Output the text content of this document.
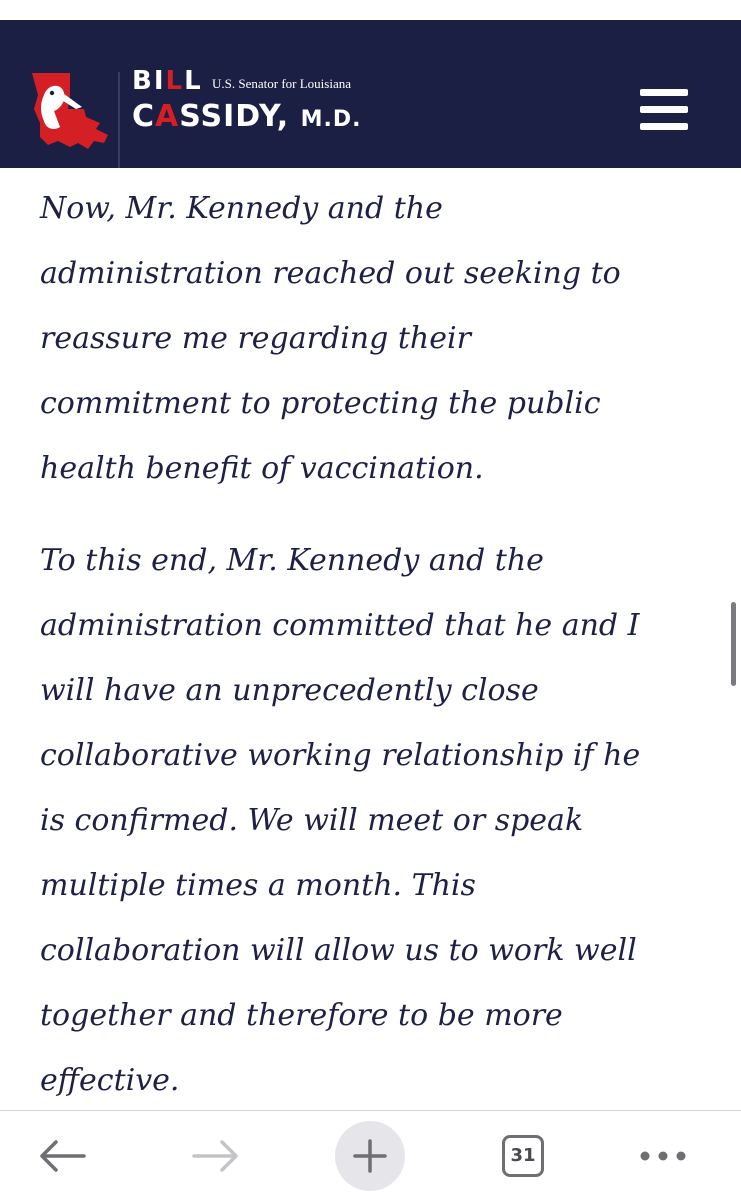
BILL U.S. Senator for Louisiana
CASSIDY, M.D.

Now, Mr. Kennedy and the

administration reached out seeking to

reassure me regarding their

commitment to protecting the public

health benefit of vaccination.

To this end, Mr. Kennedy and the

administration committed that he and I

will have an unprecedently close

collaborative working relationship if he

is confirmed. We will meet or speak

multiple times a month. This

collaboration will allow us to work well

together and therefore to be more

effective.

31
